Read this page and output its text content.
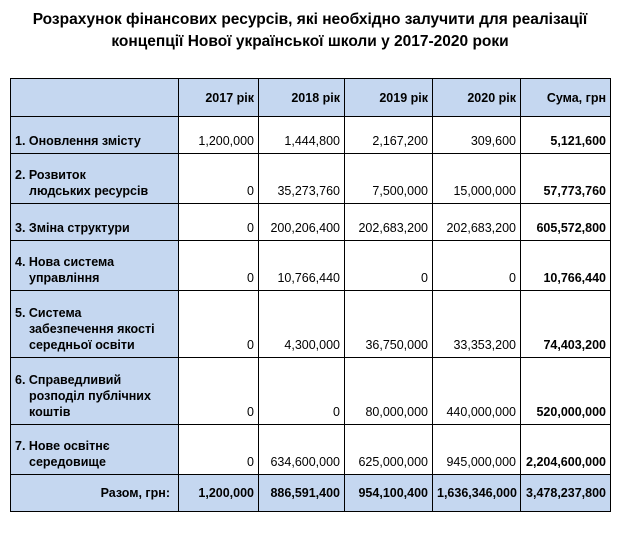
Розрахунок фінансових ресурсів, які необхідно залучити для реалізації
концепції Нової української школи у 2017-2020 роки
	2017 рік	2018 рік	2019 рік	2020 рік	Сума, грн

1. Оновлення змісту	1,200,000	1,444,800	2,167,200	309,600	5,121,600

2. Розвиток
людських ресурсів	0	35,273,760	7,500,000	15,000,000	57,773,760

3. Зміна структури	0	200,206,400	202,683,200	202,683,200	605,572,800

4. Нова система
управління	0	10,766,440	0	0	10,766,440

5. Система
забезпечення якості
середньої освіти	0	4,300,000	36,750,000	33,353,200	74,403,200

6. Справедливий
розподіл публічних
коштів	0	0	80,000,000	440,000,000	520,000,000

7. Нове освітнє
середовище	0	634,600,000	625,000,000	945,000,000	2,204,600,000
Разом, грн:	1,200,000	886,591,400	954,100,400	1,636,346,000	3,478,237,800
